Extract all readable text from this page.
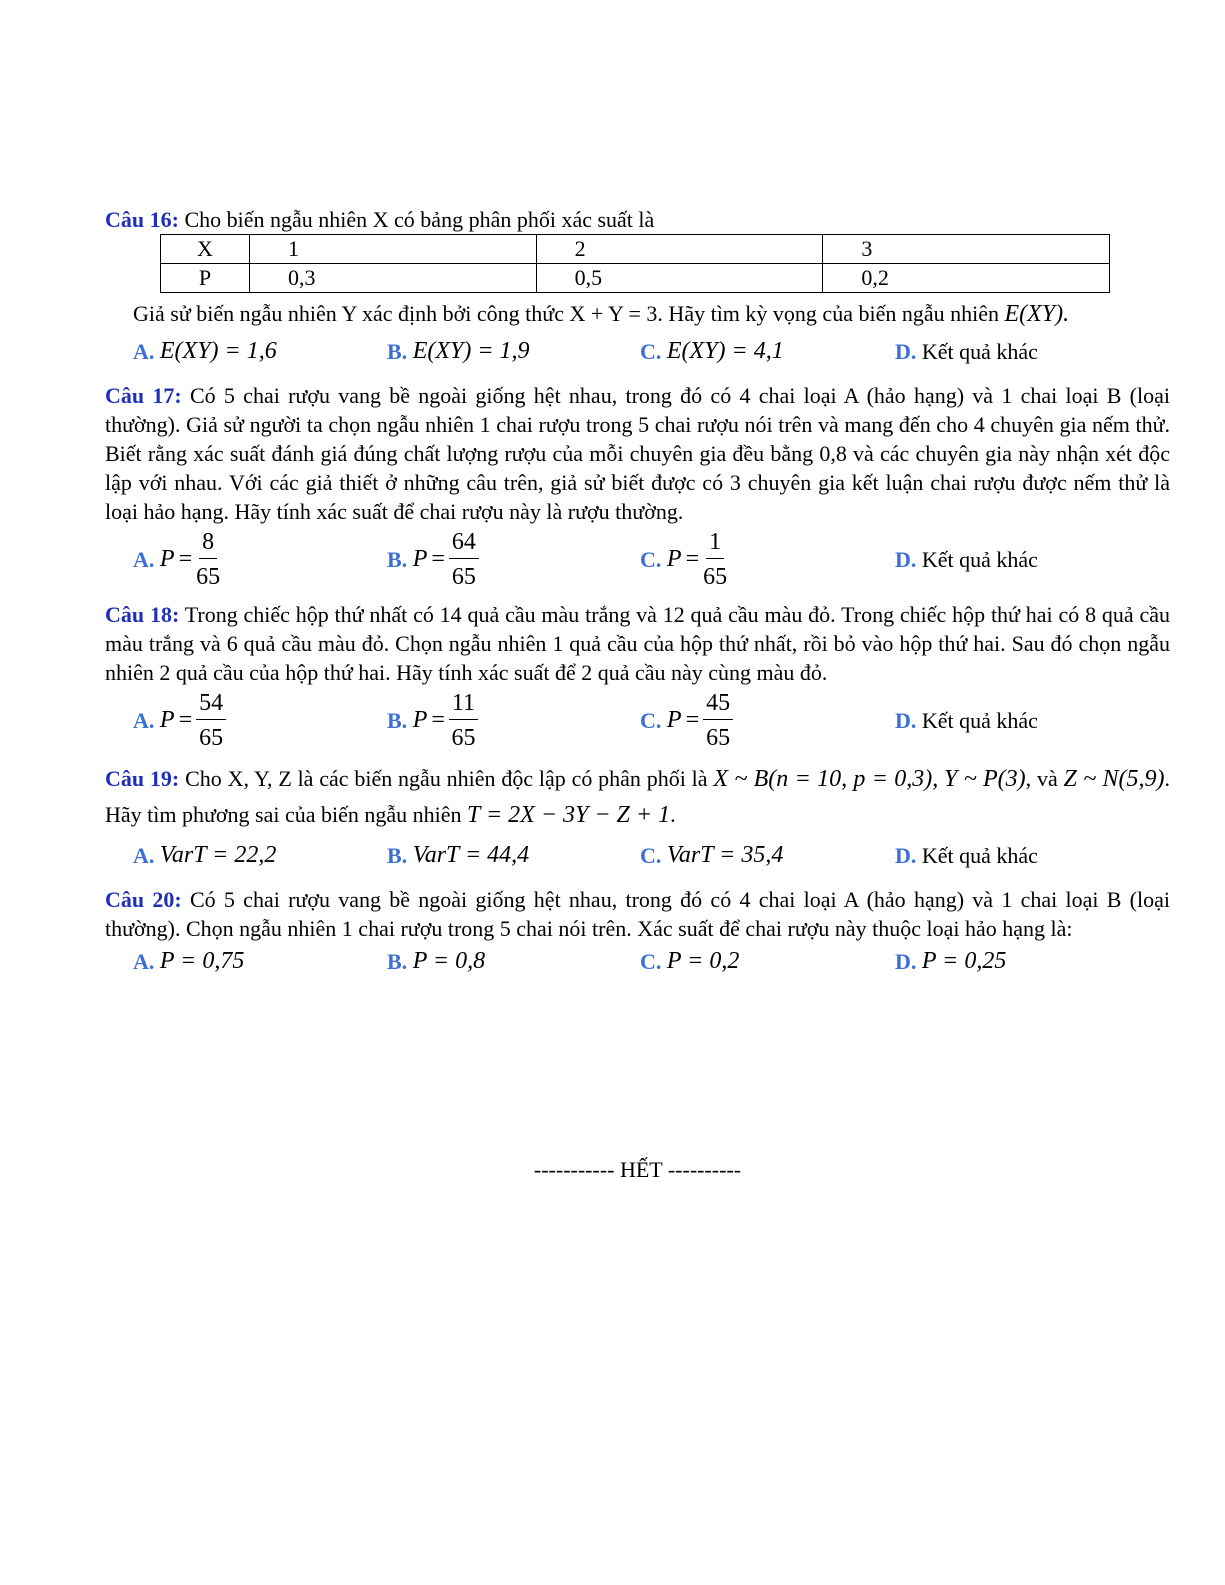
Câu 16: Cho biến ngẫu nhiên X có bảng phân phối xác suất là
X	1	2	3
P	0,3	0,5	0,2
Giả sử biến ngẫu nhiên Y xác định bởi công thức X + Y = 3. Hãy tìm kỳ vọng của biến ngẫu nhiên E(XY).
A.
E(XY) = 1,6	B.
E(XY) = 1,9	C.
E(XY) = 4,1	D.
Kết quả khác
Câu 17: Có 5 chai rượu vang bề ngoài giống hệt nhau, trong đó có 4 chai loại A (hảo hạng) và 1 chai loại B (loại thường). Giả sử người ta chọn ngẫu nhiên 1 chai rượu trong 5 chai rượu nói trên và mang đến cho 4 chuyên gia nếm thử. Biết rằng xác suất đánh giá đúng chất lượng rượu của mỗi chuyên gia đều bằng 0,8 và các chuyên gia này nhận xét độc lập với nhau. Với các giả thiết ở những câu trên, giả sử biết được có 3 chuyên gia kết luận chai rượu được nếm thử là loại hảo hạng. Hãy tính xác suất để chai rượu này là rượu thường.
A.
$P = \frac{8}{65}$	B.
$P = \frac{64}{65}$	C.
$P = \frac{1}{65}$	D.
Kết quả khác
Câu 18: Trong chiếc hộp thứ nhất có 14 quả cầu màu trắng và 12 quả cầu màu đỏ. Trong chiếc hộp thứ hai có 8 quả cầu màu trắng và 6 quả cầu màu đỏ. Chọn ngẫu nhiên 1 quả cầu của hộp thứ nhất, rồi bỏ vào hộp thứ hai. Sau đó chọn ngẫu nhiên 2 quả cầu của hộp thứ hai. Hãy tính xác suất để 2 quả cầu này cùng màu đỏ.
A.
$P = \frac{54}{65}$	B.
$P = \frac{11}{65}$	C.
$P = \frac{45}{65}$	D.
Kết quả khác
Câu 19: Cho X, Y, Z là các biến ngẫu nhiên độc lập có phân phối là X ~ B(n = 10, p = 0,3), Y ~ P(3), và Z ~ N(5,9). Hãy tìm phương sai của biến ngẫu nhiên T = 2X − 3Y − Z + 1.
A.
VarT = 22,2	B.
VarT = 44,4	C.
VarT = 35,4	D.
Kết quả khác
Câu 20: Có 5 chai rượu vang bề ngoài giống hệt nhau, trong đó có 4 chai loại A (hảo hạng) và 1 chai loại B (loại thường). Chọn ngẫu nhiên 1 chai rượu trong 5 chai nói trên. Xác suất để chai rượu này thuộc loại hảo hạng là:
A.
P = 0,75	B.
P = 0,8	C.
P = 0,2	D.
P = 0,25
----------- HẾT ----------
